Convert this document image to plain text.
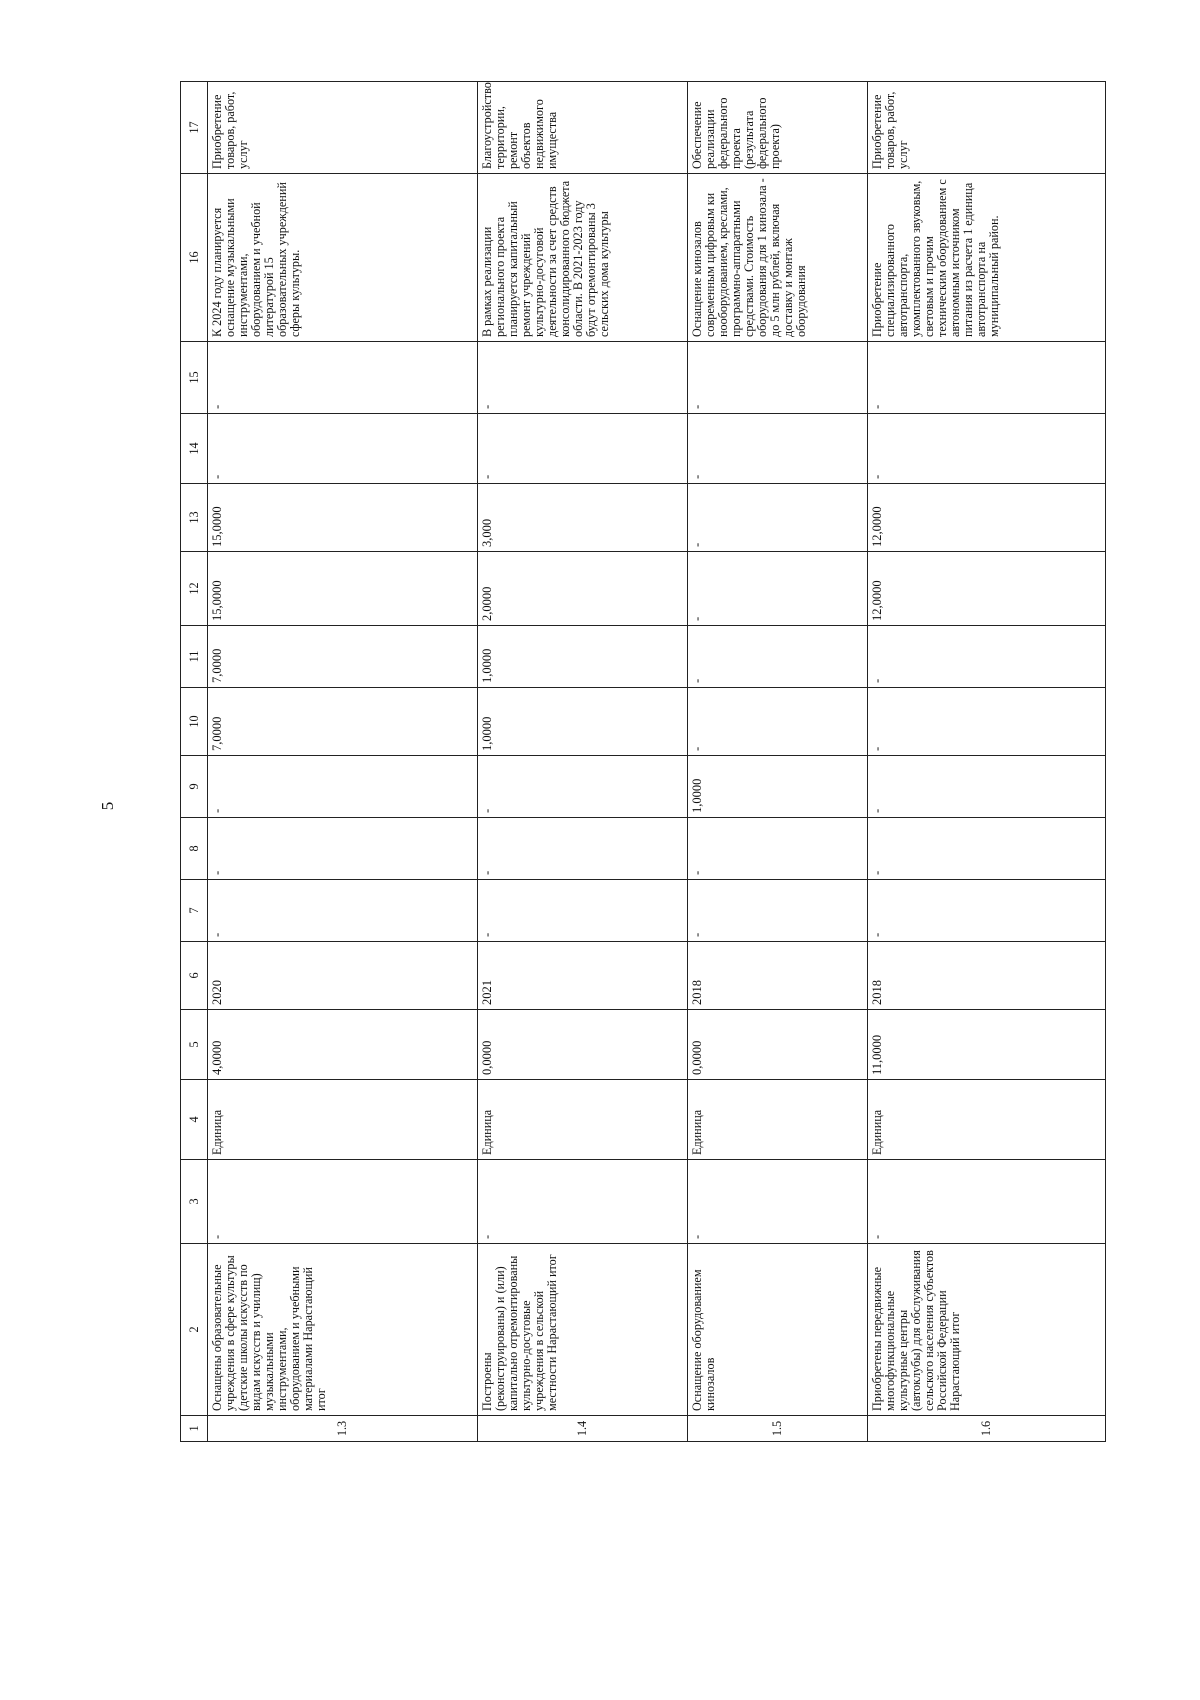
5
1	2	3	4	5	6	7	8	9	10	11	12	13	14	15	16	17
1.3	Оснащены образовательные учреждения в сфере культуры (детские школы искусств по видам искусств и училищ) музыкальными инструментами, оборудованием и учебными материалами Нарастающий итог	-	Единица	4,0000	2020	-	-	-	7,0000	7,0000	15,0000	15,0000	-	-	К 2024 году планируется оснащение музыкальными инструментами, оборудованием и учебной литературой 15 образовательных учреждений сферы культуры.	Приобретение товаров, работ, услуг
1.4	Построены (реконструированы) и (или) капитально отремонтированы культурно-досуговые учреждения в сельской местности Нарастающий итог	-	Единица	0,0000	2021	-	-	-	1,0000	1,0000	2,0000	3,000	-	-	В рамках реализации регионального проекта планируется капитальный ремонт учреждений культурно-досуговой деятельности за счет средств консолидированного бюджета области. В 2021-2023 году будут отремонтированы 3 сельских дома культуры	Благоустройство территории, ремонт объектов недвижимого имущества
1.5	Оснащение оборудованием кинозалов	-	Единица	0,0000	2018	-	-	1,0000	-	-	-	-	-	-	Оснащение кинозалов современным цифровым ки нооборудованием, креслами, программно-аппаратными средствами. Стоимость оборудования для 1 кинозала - до 5 млн рублей, включая доставку и монтаж оборудования	Обеспечение реализации федерального проекта (результата федерального проекта)
1.6	Приобретены передвижные многофункциональные культурные центры (автоклубы) для обслуживания сельского населения субъектов Российской Федерации Нарастающий итог	-	Единица	11,0000	2018	-	-	-	-	-	12,0000	12,0000	-	-	Приобретение специализированного автотранспорта, укомплектованного звуковым, световым и прочим техническим оборудованием с автономным источником питания из расчета 1 единица автотранспорта на муниципальный район.	Приобретение товаров, работ, услуг
